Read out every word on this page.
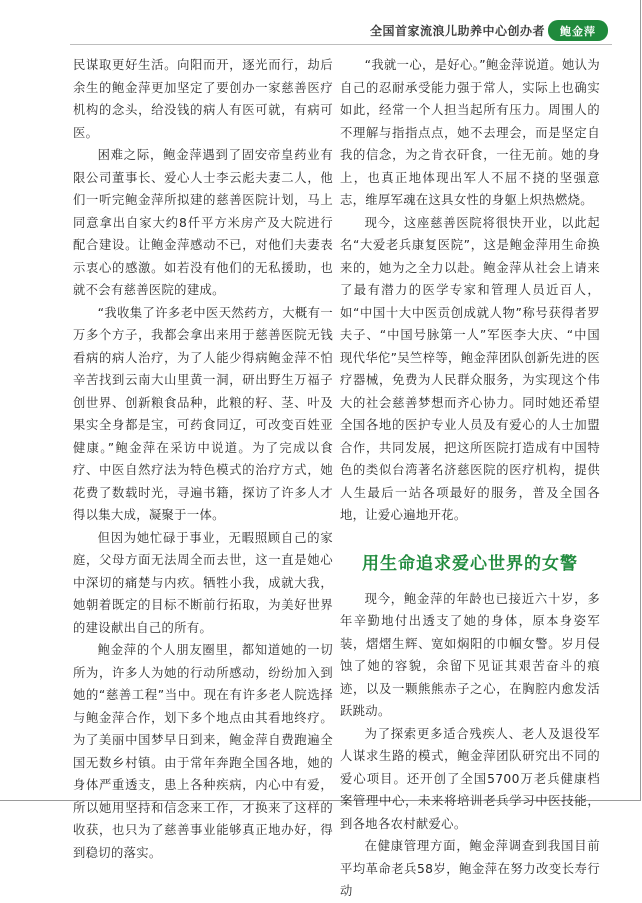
全国首家流浪儿助养中心创办者	鲍金萍

民谋取更好生活。向阳而开，逐光而行，劫后余生的鲍金萍更加坚定了要创办一家慈善医疗机构的念头，给没钱的病人有医可就，有病可医。

困难之际，鲍金萍遇到了固安帝皇药业有限公司董事长、爱心人士李云彪夫妻二人，他们一听完鲍金萍所拟建的慈善医院计划，马上同意拿出自家大约8仟平方米房产及大院进行配合建设。让鲍金萍感动不已，对他们夫妻表示衷心的感激。如若没有他们的无私援助，也就不会有慈善医院的建成。

“我收集了许多老中医天然药方，大概有一万多个方子，我都会拿出来用于慈善医院无钱看病的病人治疗，为了人能少得病鲍金萍不怕辛苦找到云南大山里黄一洞，研出野生万福子创世界、创新粮食品种，此粮的籽、茎、叶及果实全身都是宝，可药食同辽，可改变百姓亚健康。”鲍金萍在采访中说道。为了完成以食疗、中医自然疗法为特色模式的治疗方式，她花费了数载时光，寻遍书籍，探访了许多人才得以集大成，凝聚于一体。

但因为她忙碌于事业，无暇照顾自己的家庭，父母方面无法周全而去世，这一直是她心中深切的痛楚与内疚。牺牲小我，成就大我，她朝着既定的目标不断前行拓取，为美好世界的建设献出自己的所有。

鲍金萍的个人朋友圈里，都知道她的一切所为，许多人为她的行动所感动，纷纷加入到她的“慈善工程”当中。现在有许多老人院选择与鲍金萍合作，划下多个地点由其看地终疗。为了美丽中国梦早日到来，鲍金萍自费跑遍全国无数乡村镇。由于常年奔跑全国各地，她的身体严重透支，患上各种疾病，内心中有爱，所以她用坚持和信念来工作，才换来了这样的收获，也只为了慈善事业能够真正地办好，得到稳切的落实。

“我就一心，是好心。”鲍金萍说道。她认为自己的忍耐承受能力强于常人，实际上也确实如此，经常一个人担当起所有压力。周围人的不理解与指指点点，她不去理会，而是坚定自我的信念，为之肯衣矸食，一往无前。她的身上，也真正地体现出军人不屈不挠的坚强意志，维厚军魂在这具女性的身躯上炽热燃烧。

现今，这座慈善医院将很快开业，以此起名“大爱老兵康复医院”，这是鲍金萍用生命换来的，她为之全力以赴。鲍金萍从社会上请来了最有潜力的医学专家和管理人员近百人，如“中国十大中医贡创成就人物”称号获得者罗夫子、“中国号脉第一人”军医李大庆、“中国现代华佗”吴竺梓等，鲍金萍团队创新先进的医疗器械，免费为人民群众服务，为实现这个伟大的社会慈善梦想而齐心协力。同时她还希望全国各地的医护专业人员及有爱心的人士加盟合作，共同发展，把这所医院打造成有中国特色的类似台湾著名济慈医院的医疗机构，提供人生最后一站各项最好的服务，普及全国各地，让爱心遍地开花。

用生命追求爱心世界的女警

现今，鲍金萍的年龄也已接近六十岁，多年辛勤地付出透支了她的身体，原本身姿军装，熠熠生辉、宽如焖阳的巾帼女警。岁月侵蚀了她的容貌，余留下见证其艰苦奋斗的痕迹，以及一颗熊熊赤子之心，在胸腔内愈发活跃跳动。

为了探索更多适合残疾人、老人及退役军人谋求生路的模式，鲍金萍团队研究出不同的爱心项目。还开创了全国5700万老兵健康档案管理中心，未来将培训老兵学习中医技能，到各地各农村献爱心。

在健康管理方面，鲍金萍调查到我国目前平均革命老兵58岁，鲍金萍在努力改变长寿行动
